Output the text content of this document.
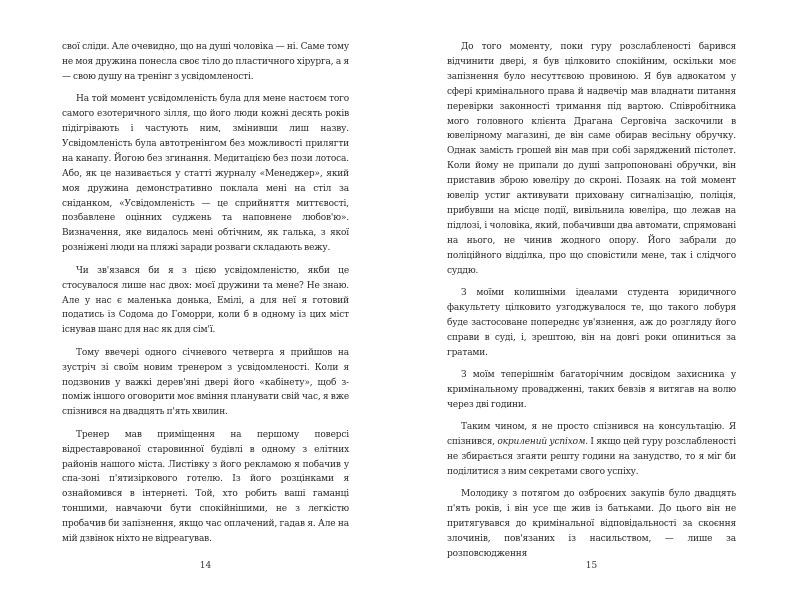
свої сліди. Але очевидно, що на душі чоловіка — ні. Саме тому не моя дружина понесла своє тіло до пластичного хірурга, а я — свою душу на тренінг з усвідомленості.

На той момент усвідомленість була для мене настоєм того самого езотеричного зілля, що його люди кожні десять років підігрівають і частують ним, змінивши лиш назву. Усвідомленість була автотренінгом без можливості прилягти на канапу. Йогою без згинання. Медитацією без пози лотоса. Або, як це називається у статті журналу «Менеджер», який моя дружина демонстративно поклала мені на стіл за сніданком, «Усвідомленість — це сприйняття миттєвості, позбавлене оцінних суджень та наповнене любов'ю». Визначення, яке видалось мені обтічним, як галька, з якої розніжені люди на пляжі заради розваги складають вежу.

Чи зв'язався би я з цією усвідомленістю, якби це стосувалося лише нас двох: моєї дружини та мене? Не знаю. Але у нас є маленька донька, Емілі, а для неї я готовий податись із Содома до Гоморри, коли б в одному із цих міст існував шанс для нас як для сім'ї.

Тому ввечері одного січневого четверга я прийшов на зустріч зі своїм новим тренером з усвідомленості. Коли я подзвонив у важкі дерев'яні двері його «кабінету», щоб з-поміж іншого оговорити моє вміння планувати свій час, я вже спізнився на двадцять п'ять хвилин.

Тренер мав приміщення на першому поверсі відреставрованої старовинної будівлі в одному з елітних районів нашого міста. Листівку з його рекламою я побачив у спа-зоні п'ятизіркового готелю. Із його розцінками я ознайомився в інтернеті. Той, хто робить ваші гаманці тоншими, навчаючи бути спокійнішими, не з легкістю пробачив би запізнення, якщо час оплачений, гадав я. Але на мій дзвінок ніхто не відреагував.

14

До того моменту, поки гуру розслабленості баривcя відчинити двері, я був цілковито спокійним, оскільки моє запізнення було несуттєвою провиною. Я був адвокатом у сфері кримінального права й надвечір мав владнати питання перевірки законності тримання під вартою. Співробітника мого головного клієнта Драгана Серговіча заскочили в ювелірному магазині, де він саме обирав весільну обручку. Однак замість грошей він мав при собі заряджений пістолет. Коли йому не припали до душі запропоновані обручки, він приставив зброю ювеліру до скроні. Позаяк на той момент ювелір устиг активувати приховану сигналізацію, поліція, прибувши на місце події, вивільнила ювеліра, що лежав на підлозі, і чоловіка, який, побачивши два автомати, спрямовані на нього, не чинив жодного опору. Його забрали до поліційного відділка, про що сповістили мене, так і слідчого суддю.

З моїми колишніми ідеалами студента юридичного факультету цілковито узгоджувалося те, що такого лобуря буде застосоване попереднє ув'язнення, аж до розгляду його справи в суді, і, зрештою, він на довгі роки опиниться за гратами.

З моїм теперішнім багаторічним досвідом захисника у кримінальному провадженні, таких бевзів я витягав на волю через дві години.

Таким чином, я не просто спізнився на консультацію. Я спізнився, окрилений успіхом. І якщо цей гуру розслабленості не збирається згаяти решту години на занудство, то я міг би поділитися з ним секретами свого успіху.

Молодику з потягом до озброєних закупів було двадцять п'ять років, і він усе ще жив із батьками. До цього він не притягувався до кримінальної відповідальності за скоєння злочинів, пов'язаних із насильством, — лише за розповсюдження

15
